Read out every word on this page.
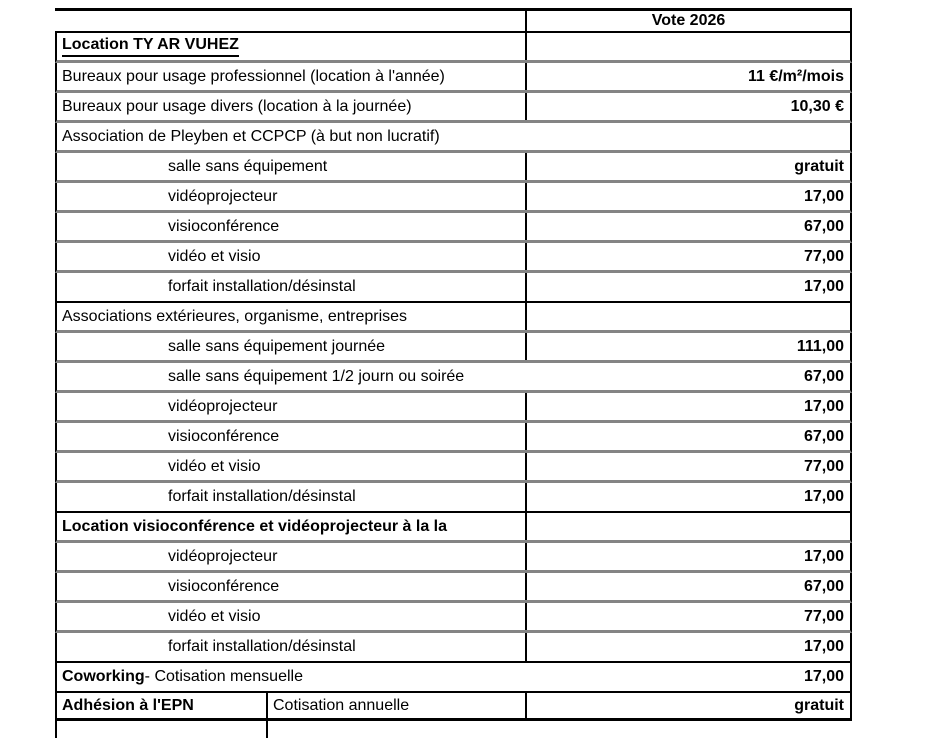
Vote 2026
Location TY AR VUHEZ
Bureaux pour usage professionnel (location à l'année)	11 €/m²/mois
Bureaux pour usage divers (location à la journée)	10,30 €
Association de Pleyben et CCPCP (à but non lucratif)
salle sans équipement	gratuit
vidéoprojecteur	17,00
visioconférence	67,00
vidéo et visio	77,00
forfait installation/désinstal	17,00
Associations extérieures, organisme, entreprises
salle sans équipement journée	111,00
salle sans équipement 1/2 journ ou soirée	67,00
vidéoprojecteur	17,00
visioconférence	67,00
vidéo et visio	77,00
forfait installation/désinstal	17,00
Location visioconférence et vidéoprojecteur à la la
vidéoprojecteur	17,00
visioconférence	67,00
vidéo et visio	77,00
forfait installation/désinstal	17,00
Coworking - Cotisation mensuelle	17,00
Adhésion à l'EPN	Cotisation annuelle	gratuit
